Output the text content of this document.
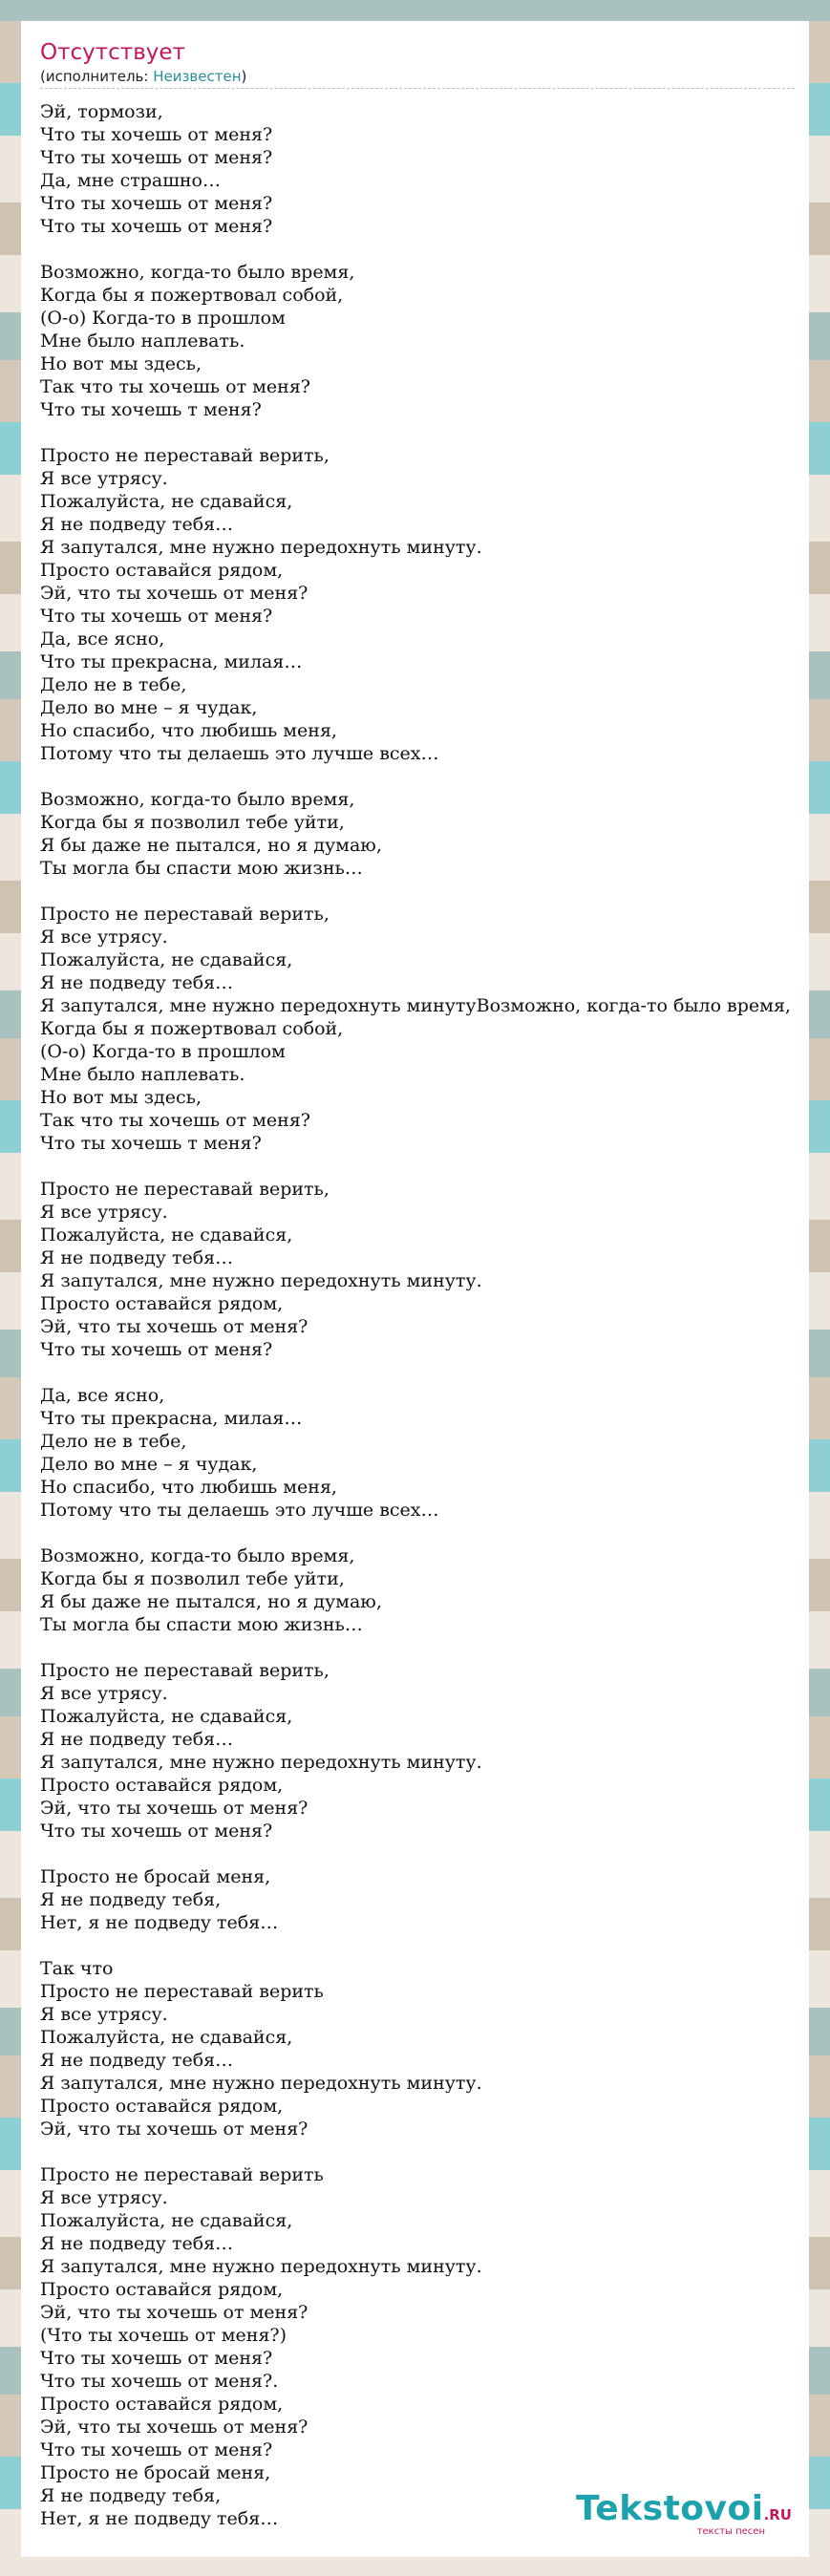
Отсутствует
(исполнитель: Неизвестен)
Эй, тормози,
Что ты хочешь от меня?
Что ты хочешь от меня?
Да, мне страшно…
Что ты хочешь от меня?
Что ты хочешь от меня?

Возможно, когда-то было время,
Когда бы я пожертвовал собой,
(О-о) Когда-то в прошлом
Мне было наплевать.
Но вот мы здесь,
Так что ты хочешь от меня?
Что ты хочешь т меня?

Просто не переставай верить,
Я все утрясу.
Пожалуйста, не сдавайся,
Я не подведу тебя…
Я запутался, мне нужно передохнуть минуту.
Просто оставайся рядом,
Эй, что ты хочешь от меня?
Что ты хочешь от меня?
Да, все ясно,
Что ты прекрасна, милая…
Дело не в тебе,
Дело во мне – я чудак,
Но спасибо, что любишь меня,
Потому что ты делаешь это лучше всех…

Возможно, когда-то было время,
Когда бы я позволил тебе уйти,
Я бы даже не пытался, но я думаю,
Ты могла бы спасти мою жизнь…

Просто не переставай верить,
Я все утрясу.
Пожалуйста, не сдавайся,
Я не подведу тебя…
Я запутался, мне нужно передохнуть минутуВозможно, когда-то было время,
Когда бы я пожертвовал собой,
(О-о) Когда-то в прошлом
Мне было наплевать.
Но вот мы здесь,
Так что ты хочешь от меня?
Что ты хочешь т меня?

Просто не переставай верить,
Я все утрясу.
Пожалуйста, не сдавайся,
Я не подведу тебя…
Я запутался, мне нужно передохнуть минуту.
Просто оставайся рядом,
Эй, что ты хочешь от меня?
Что ты хочешь от меня?

Да, все ясно,
Что ты прекрасна, милая…
Дело не в тебе,
Дело во мне – я чудак,
Но спасибо, что любишь меня,
Потому что ты делаешь это лучше всех…

Возможно, когда-то было время,
Когда бы я позволил тебе уйти,
Я бы даже не пытался, но я думаю,
Ты могла бы спасти мою жизнь…

Просто не переставай верить,
Я все утрясу.
Пожалуйста, не сдавайся,
Я не подведу тебя…
Я запутался, мне нужно передохнуть минуту.
Просто оставайся рядом,
Эй, что ты хочешь от меня?
Что ты хочешь от меня?

Просто не бросай меня,
Я не подведу тебя,
Нет, я не подведу тебя…

Так что
Просто не переставай верить
Я все утрясу.
Пожалуйста, не сдавайся,
Я не подведу тебя…
Я запутался, мне нужно передохнуть минуту.
Просто оставайся рядом,
Эй, что ты хочешь от меня?

Просто не переставай верить
Я все утрясу.
Пожалуйста, не сдавайся,
Я не подведу тебя…
Я запутался, мне нужно передохнуть минуту.
Просто оставайся рядом,
Эй, что ты хочешь от меня?
(Что ты хочешь от меня?)
Что ты хочешь от меня?
Что ты хочешь от меня?.
Просто оставайся рядом,
Эй, что ты хочешь от меня?
Что ты хочешь от меня?
Просто не бросай меня,
Я не подведу тебя,
Нет, я не подведу тебя…	Tekstovoi.RU
тексты песен
